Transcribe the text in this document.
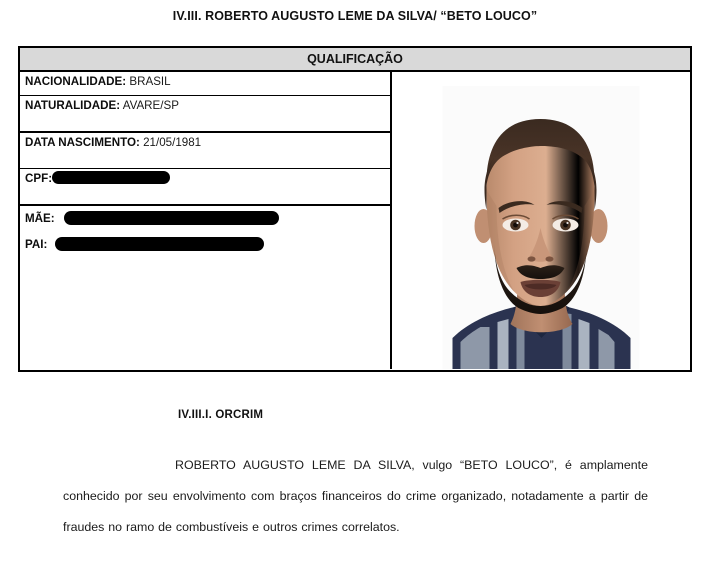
IV.III. ROBERTO AUGUSTO LEME DA SILVA/ “BETO LOUCO”
QUALIFICAÇÃO
NACIONALIDADE: BRASIL
NATURALIDADE: AVARE/SP
DATA NASCIMENTO: 21/05/1981
CPF:
MÃE:
PAI:
IV.III.I. ORCRIM
ROBERTO AUGUSTO LEME DA SILVA, vulgo “BETO LOUCO”, é amplamente conhecido por seu envolvimento com braços financeiros do crime organizado, notadamente a partir de fraudes no ramo de combustíveis e outros crimes correlatos.
